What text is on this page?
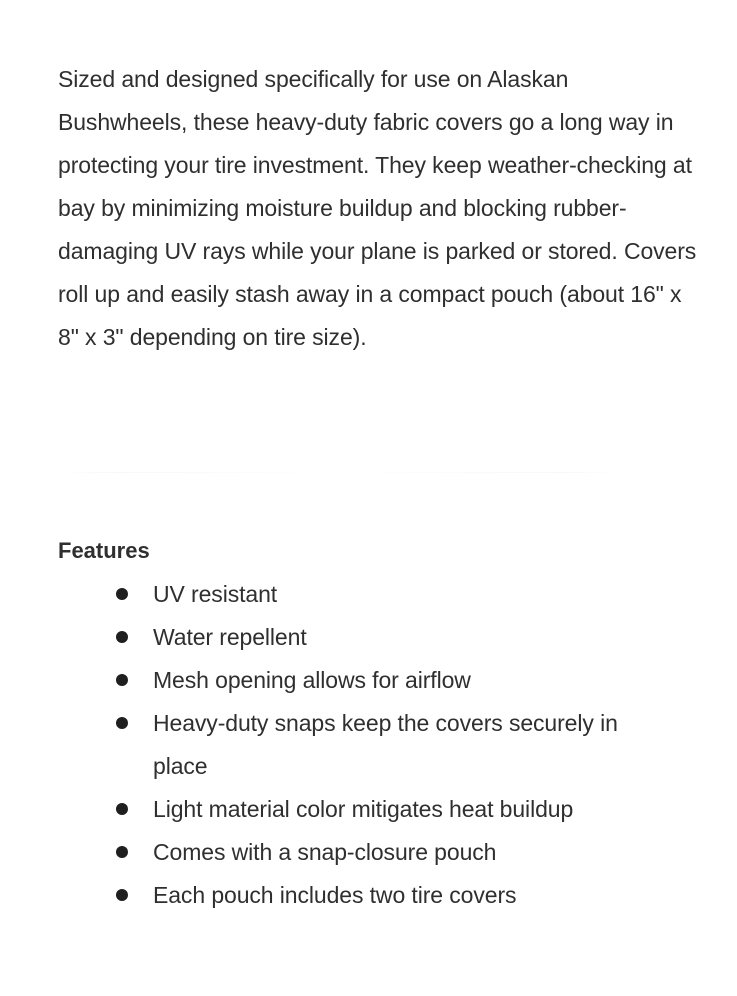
Sized and designed specifically for use on Alaskan Bushwheels, these heavy-duty fabric covers go a long way in protecting your tire investment. They keep weather-checking at bay by minimizing moisture buildup and blocking rubber-damaging UV rays while your plane is parked or stored. Covers roll up and easily stash away in a compact pouch (about 16" x 8" x 3" depending on tire size).

Features
UV resistant
Water repellent
Mesh opening allows for airflow
Heavy-duty snaps keep the covers securely in place
Light material color mitigates heat buildup
Comes with a snap-closure pouch
Each pouch includes two tire covers
